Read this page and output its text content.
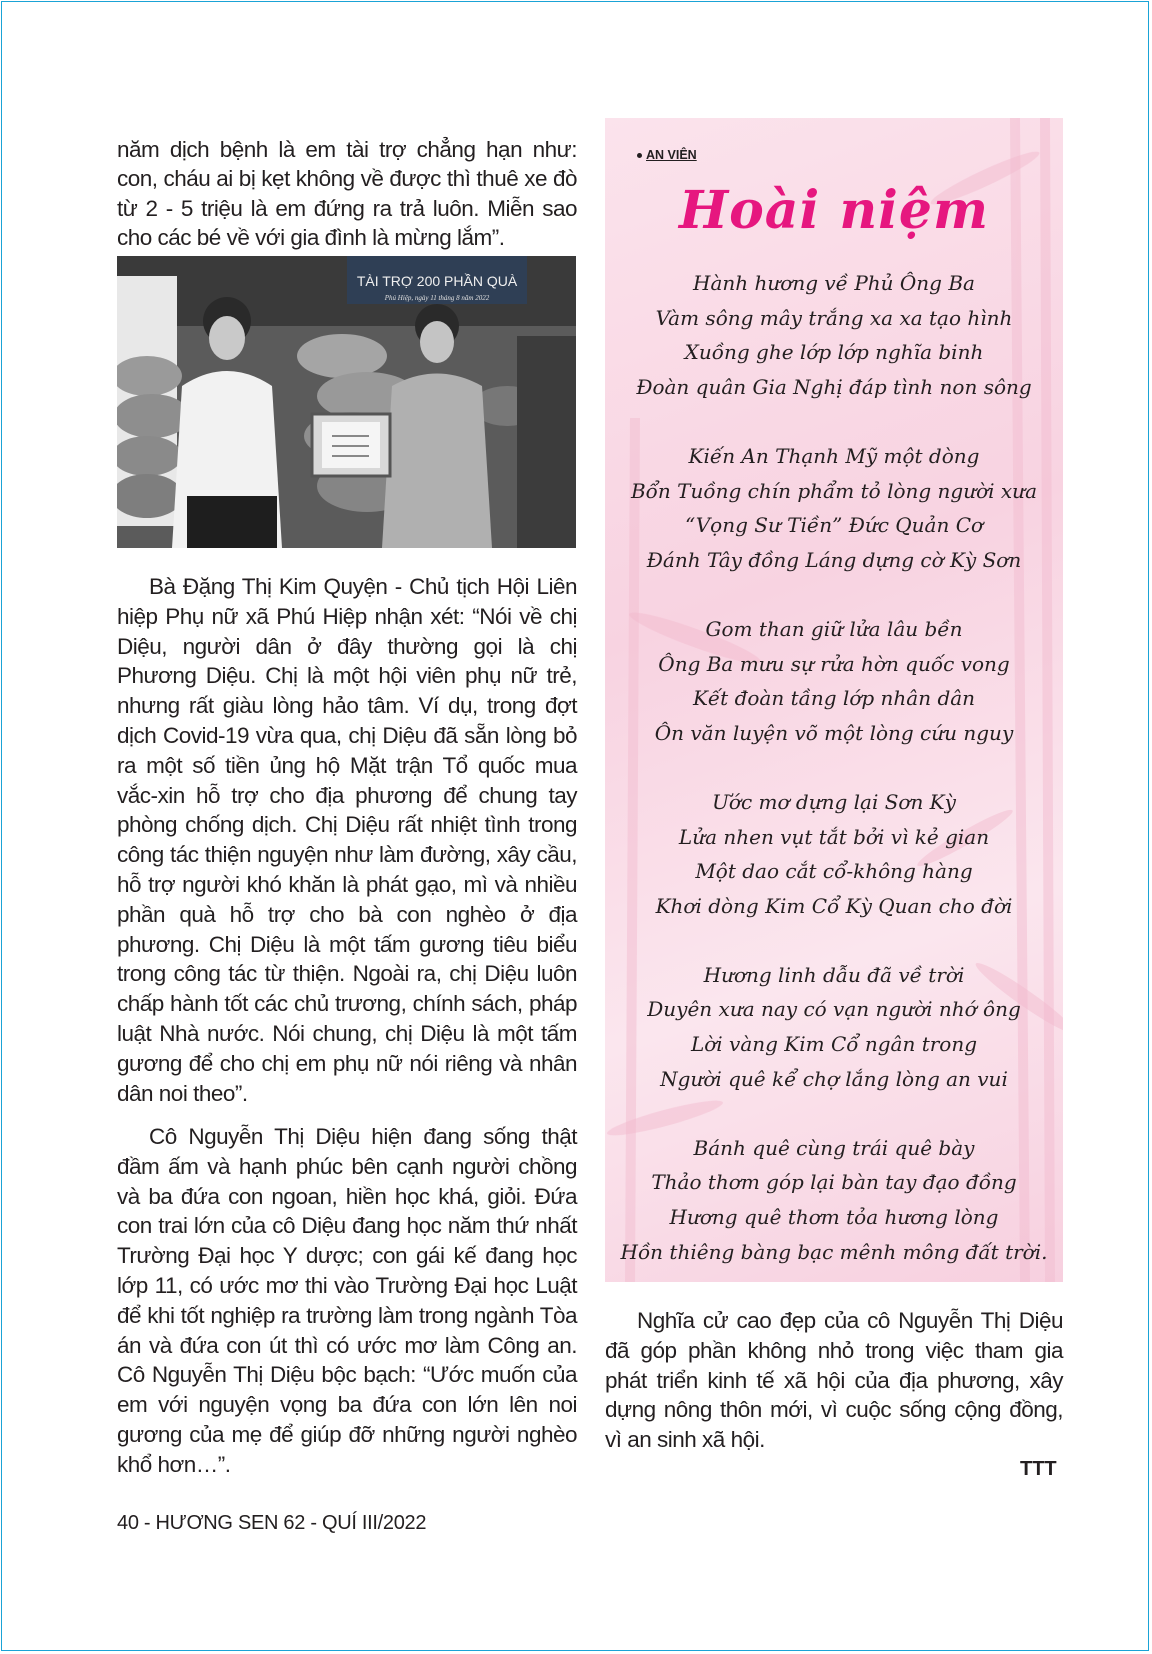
năm dịch bệnh là em tài trợ chẳng hạn như: con, cháu ai bị kẹt không về được thì thuê xe đò từ 2 - 5 triệu là em đứng ra trả luôn. Miễn sao cho các bé về với gia đình là mừng lắm”.

TÀI TRỢ 200 PHẦN QUÀ
Phú Hiệp, ngày 11 tháng 8 năm 2022

Bà Đặng Thị Kim Quyện - Chủ tịch Hội Liên hiệp Phụ nữ xã Phú Hiệp nhận xét: “Nói về chị Diệu, người dân ở đây thường gọi là chị Phương Diệu. Chị là một hội viên phụ nữ trẻ, nhưng rất giàu lòng hảo tâm. Ví dụ, trong đợt dịch Covid-19 vừa qua, chị Diệu đã sẵn lòng bỏ ra một số tiền ủng hộ Mặt trận Tổ quốc mua vắc-xin hỗ trợ cho địa phương để chung tay phòng chống dịch. Chị Diệu rất nhiệt tình trong công tác thiện nguyện như làm đường, xây cầu, hỗ trợ người khó khăn là phát gạo, mì và nhiều phần quà hỗ trợ cho bà con nghèo ở địa phương. Chị Diệu là một tấm gương tiêu biểu trong công tác từ thiện. Ngoài ra, chị Diệu luôn chấp hành tốt các chủ trương, chính sách, pháp luật Nhà nước. Nói chung, chị Diệu là một tấm gương để cho chị em phụ nữ nói riêng và nhân dân noi theo”.

Cô Nguyễn Thị Diệu hiện đang sống thật đầm ấm và hạnh phúc bên cạnh người chồng và ba đứa con ngoan, hiền học khá, giỏi. Đứa con trai lớn của cô Diệu đang học năm thứ nhất Trường Đại học Y dược; con gái kế đang học lớp 11, có ước mơ thi vào Trường Đại học Luật để khi tốt nghiệp ra trường làm trong ngành Tòa án và đứa con út thì có ước mơ làm Công an. Cô Nguyễn Thị Diệu bộc bạch: “Ước muốn của em với nguyện vọng ba đứa con lớn lên noi gương của mẹ để giúp đỡ những người nghèo khổ hơn…”.

AN VIÊN
Hoài niệm
Hành hương về Phủ Ông Ba
Vàm sông mây trắng xa xa tạo hình
Xuồng ghe lớp lớp nghĩa binh
Đoàn quân Gia Nghị đáp tình non sông
Kiến An Thạnh Mỹ một dòng
Bổn Tuồng chín phẩm tỏ lòng người xưa
“Vọng Sư Tiền” Đức Quản Cơ
Đánh Tây đồng Láng dựng cờ Kỳ Sơn
Gom than giữ lửa lâu bền
Ông Ba mưu sự rửa hờn quốc vong
Kết đoàn tầng lớp nhân dân
Ôn văn luyện võ một lòng cứu nguy
Ước mơ dựng lại Sơn Kỳ
Lửa nhen vụt tắt bởi vì kẻ gian
Một dao cắt cổ-không hàng
Khơi dòng Kim Cổ Kỳ Quan cho đời
Hương linh dẫu đã về trời
Duyên xưa nay có vạn người nhớ ông
Lời vàng Kim Cổ ngân trong
Người quê kể chợ lắng lòng an vui
Bánh quê cùng trái quê bày
Thảo thơm góp lại bàn tay đạo đồng
Hương quê thơm tỏa hương lòng
Hồn thiêng bàng bạc mênh mông đất trời.

Nghĩa cử cao đẹp của cô Nguyễn Thị Diệu đã góp phần không nhỏ trong việc tham gia phát triển kinh tế xã hội của địa phương, xây dựng nông thôn mới, vì cuộc sống cộng đồng, vì an sinh xã hội.

TTT
40 - HƯƠNG SEN 62 - QUÍ III/2022
